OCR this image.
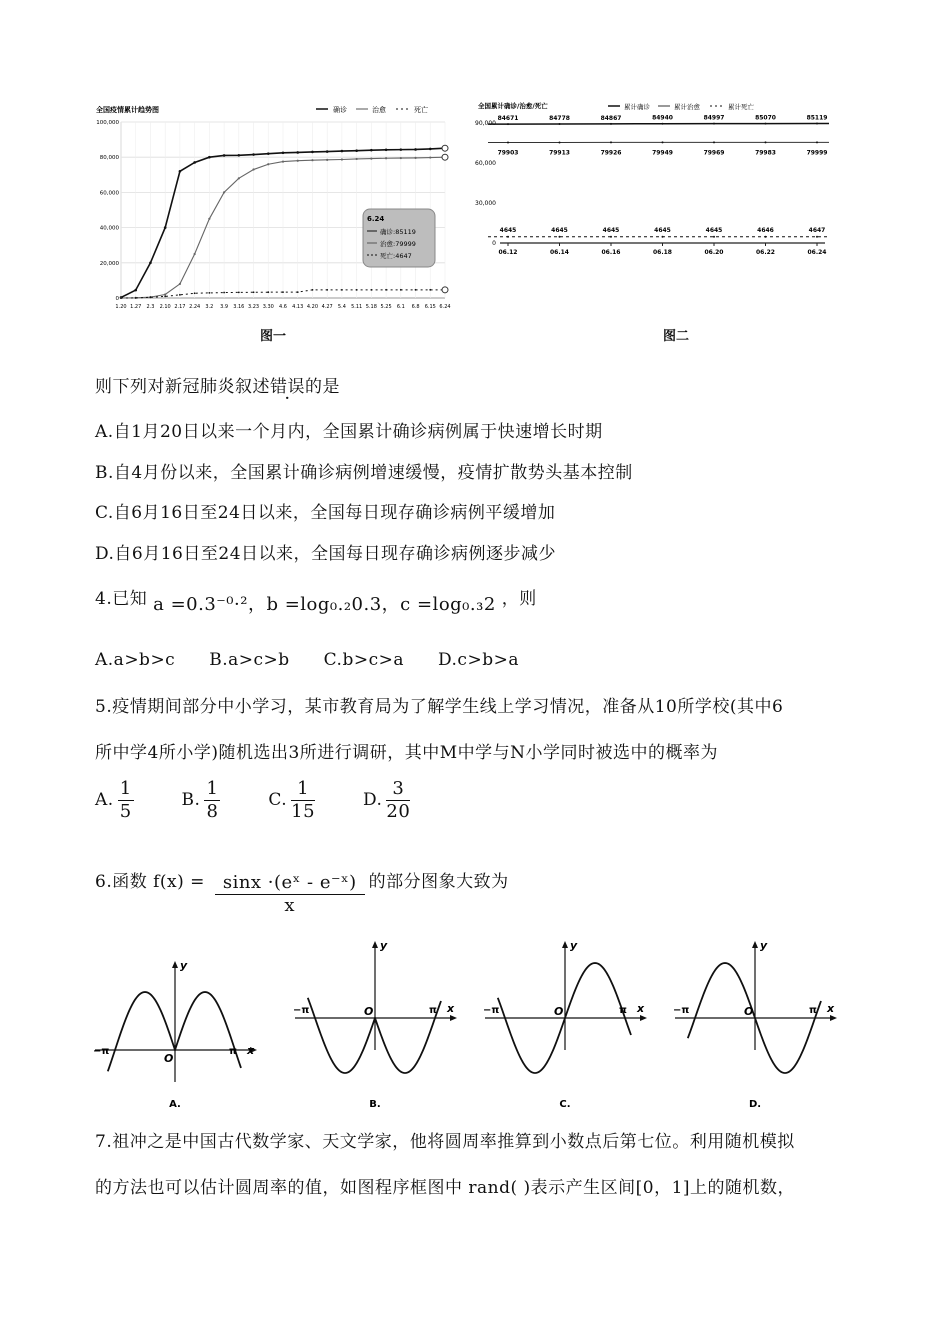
全国疫情累计趋势图	确诊	治愈	死亡
100,000
80,000
60,000
40,000
20,000
0
1.20 1.27 2.3 2.10 2.17 2.24 3.2 3.9 3.16 3.23 3.30 4.6 4.13 4.20 4.27 5.4 5.11 5.18 5.25 6.1 6.8 6.15 6.24
6.24
确诊:85119
治愈:79999
死亡:4647
图一
全国累计确诊/治愈/死亡	累计确诊	累计治愈	累计死亡
90,000
60,000
30,000
0
06.12	06.14	06.16	06.18	06.20	06.22	06.24
84671	84778	84867	84940	84997	85070	85119
79903	79913	79926	79949	79969	79983	79999
4645	4645	4645	4645	4645	4646	4647
图二
则下列对新冠肺炎叙述错误的是
A.自1月20日以来一个月内，全国累计确诊病例属于快速增长时期
B.自4月份以来，全国累计确诊病例增速缓慢，疫情扩散势头基本控制
C.自6月16日至24日以来，全国每日现存确诊病例平缓增加
D.自6月16日至24日以来，全国每日现存确诊病例逐步减少
4.已知 a =0.3⁻⁰·²，b =log₀.₂0.3，c =log₀.₃2 ，则
A.a>b>c B.a>c>b C.b>c>a D.c>b>a
5.疫情期间部分中小学习，某市教育局为了解学生线上学习情况，准备从10所学校(其中6
所中学4所小学)随机选出3所进行调研，其中M中学与N小学同时被选中的概率为
A. $\frac{1}{5}$	B. $\frac{1}{8}$	C. $\frac{1}{15}$	D. $\frac{3}{20}$
6.函数 $f(x) = \frac{\text{sinx ·(eˣ - e⁻ˣ)}}{x}$ 的部分图象大致为
y
x
O
π
−π
A.
y
x
O	π
−π
B.
y
x
O	π
−π
C.
y
x
O	π
−π
D.
7.祖冲之是中国古代数学家、天文学家，他将圆周率推算到小数点后第七位。利用随机模拟
的方法也可以估计圆周率的值，如图程序框图中 rand( )表示产生区间[0，1]上的随机数，
